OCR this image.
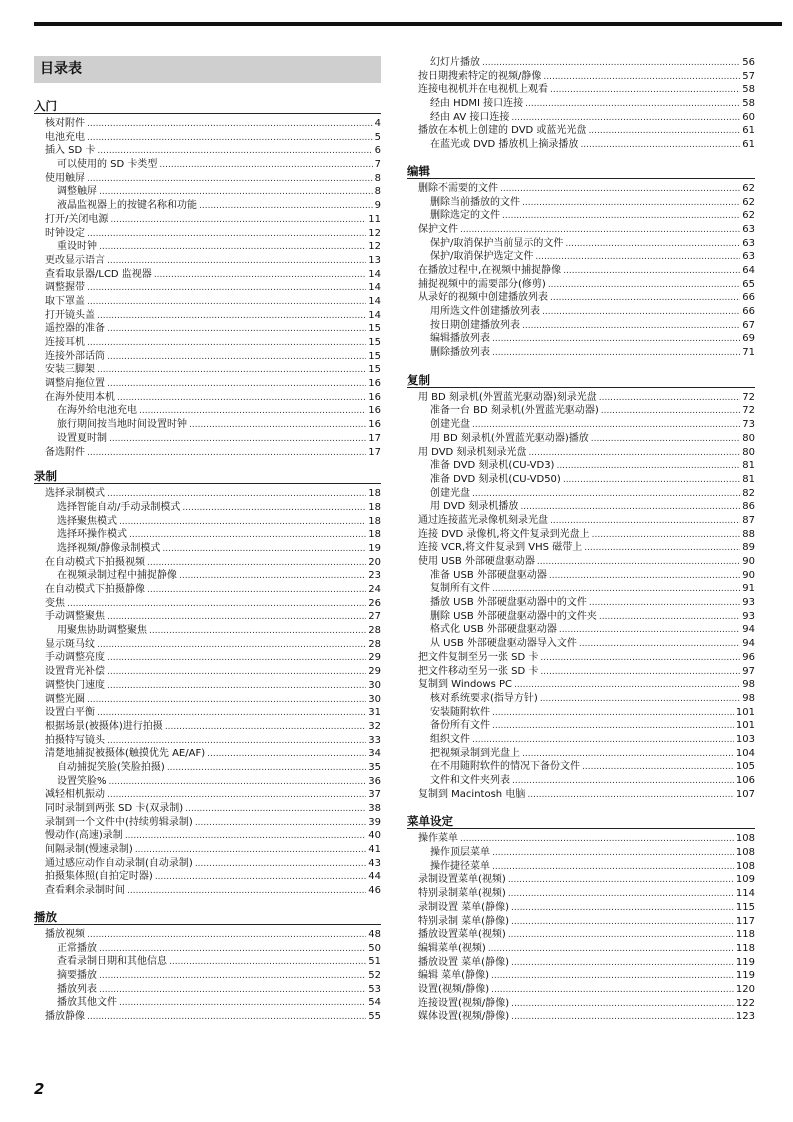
目录表
入门
核对附件 .....	4
电池充电 .....	5
插入 SD 卡 .....	6
可以使用的 SD 卡类型 .....	7
使用触屏 .....	8
调整触屏 .....	8
液晶监视器上的按键名称和功能 .....	9
打开/关闭电源 .....	11
时钟设定 .....	12
重设时钟 .....	12
更改显示语言 .....	13
查看取景器/LCD 监视器 .....	14
调整握带 .....	14
取下罩盖 .....	14
打开镜头盖 .....	14
遥控器的准备 .....	15
连接耳机 .....	15
连接外部话筒 .....	15
安装三脚架 .....	15
调整肩拖位置 .....	16
在海外使用本机 .....	16
在海外给电池充电 .....	16
旅行期间按当地时间设置时钟 .....	16
设置夏时制 .....	17
备选附件 .....	17
录制
选择录制模式 .....	18
选择智能自动/手动录制模式 .....	18
选择聚焦模式 .....	18
选择环操作模式 .....	18
选择视频/静像录制模式 .....	19
在自动模式下拍摄视频 .....	20
在视频录制过程中捕捉静像 .....	23
在自动模式下拍摄静像 .....	24
变焦 .....	26
手动调整聚焦 .....	27
用聚焦协助调整聚焦 .....	28
显示斑马纹 .....	28
手动调整亮度 .....	29
设置背光补偿 .....	29
调整快门速度 .....	30
调整光圈 .....	30
设置白平衡 .....	31
根据场景(被摄体)进行拍摄 .....	32
拍摄特写镜头 .....	33
清楚地捕捉被摄体(触摸优先 AE/AF) .....	34
自动捕捉笑脸(笑脸拍摄) .....	35
设置笑脸% .....	36
减轻相机振动 .....	37
同时录制到两张 SD 卡(双录制) .....	38
录制到一个文件中(持续剪辑录制) .....	39
慢动作(高速)录制 .....	40
间隔录制(慢速录制) .....	41
通过感应动作自动录制(自动录制) .....	43
拍摄集体照(自拍定时器) .....	44
查看剩余录制时间 .....	46
播放
播放视频 .....	48
正常播放 .....	50
查看录制日期和其他信息 .....	51
摘要播放 .....	52
播放列表 .....	53
播放其他文件 .....	54
播放静像 .....	55
幻灯片播放 .....	56
按日期搜索特定的视频/静像 .....	57
连接电视机并在电视机上观看 .....	58
经由 HDMI 接口连接 .....	58
经由 AV 接口连接 .....	60
播放在本机上创建的 DVD 或蓝光光盘 .....	61
在蓝光或 DVD 播放机上摘录播放 .....	61
编辑
删除不需要的文件 .....	62
删除当前播放的文件 .....	62
删除选定的文件 .....	62
保护文件 .....	63
保护/取消保护当前显示的文件 .....	63
保护/取消保护选定文件 .....	63
在播放过程中,在视频中捕捉静像 .....	64
捕捉视频中的需要部分(修剪) .....	65
从录好的视频中创建播放列表 .....	66
用所选文件创建播放列表 .....	66
按日期创建播放列表 .....	67
编辑播放列表 .....	69
删除播放列表 .....	71
复制
用 BD 刻录机(外置蓝光驱动器)刻录光盘 .....	72
准备一台 BD 刻录机(外置蓝光驱动器) .....	72
创建光盘 .....	73
用 BD 刻录机(外置蓝光驱动器)播放 .....	80
用 DVD 刻录机刻录光盘 .....	80
准备 DVD 刻录机(CU-VD3) .....	81
准备 DVD 刻录机(CU-VD50) .....	81
创建光盘 .....	82
用 DVD 刻录机播放 .....	86
通过连接蓝光录像机刻录光盘 .....	87
连接 DVD 录像机,将文件复录到光盘上 .....	88
连接 VCR,将文件复录到 VHS 磁带上 .....	89
使用 USB 外部硬盘驱动器 .....	90
准备 USB 外部硬盘驱动器 .....	90
复制所有文件 .....	91
播放 USB 外部硬盘驱动器中的文件 .....	93
删除 USB 外部硬盘驱动器中的文件夹 .....	93
格式化 USB 外部硬盘驱动器 .....	94
从 USB 外部硬盘驱动器导入文件 .....	94
把文件复制至另一张 SD 卡 .....	96
把文件移动至另一张 SD 卡 .....	97
复制到 Windows PC .....	98
核对系统要求(指导方针) .....	98
安装随附软件 .....	101
备份所有文件 .....	101
组织文件 .....	103
把视频录制到光盘上 .....	104
在不用随附软件的情况下备份文件 .....	105
文件和文件夹列表 .....	106
复制到 Macintosh 电脑 .....	107
菜单设定
操作菜单 .....	108
操作顶层菜单 .....	108
操作捷径菜单 .....	108
录制设置菜单(视频) .....	109
特别录制菜单(视频) .....	114
录制设置 菜单(静像) .....	115
特别录制 菜单(静像) .....	117
播放设置菜单(视频) .....	118
编辑菜单(视频) .....	118
播放设置 菜单(静像) .....	119
编辑 菜单(静像) .....	119
设置(视频/静像) .....	120
连接设置(视频/静像) .....	122
媒体设置(视频/静像) .....	123
2
